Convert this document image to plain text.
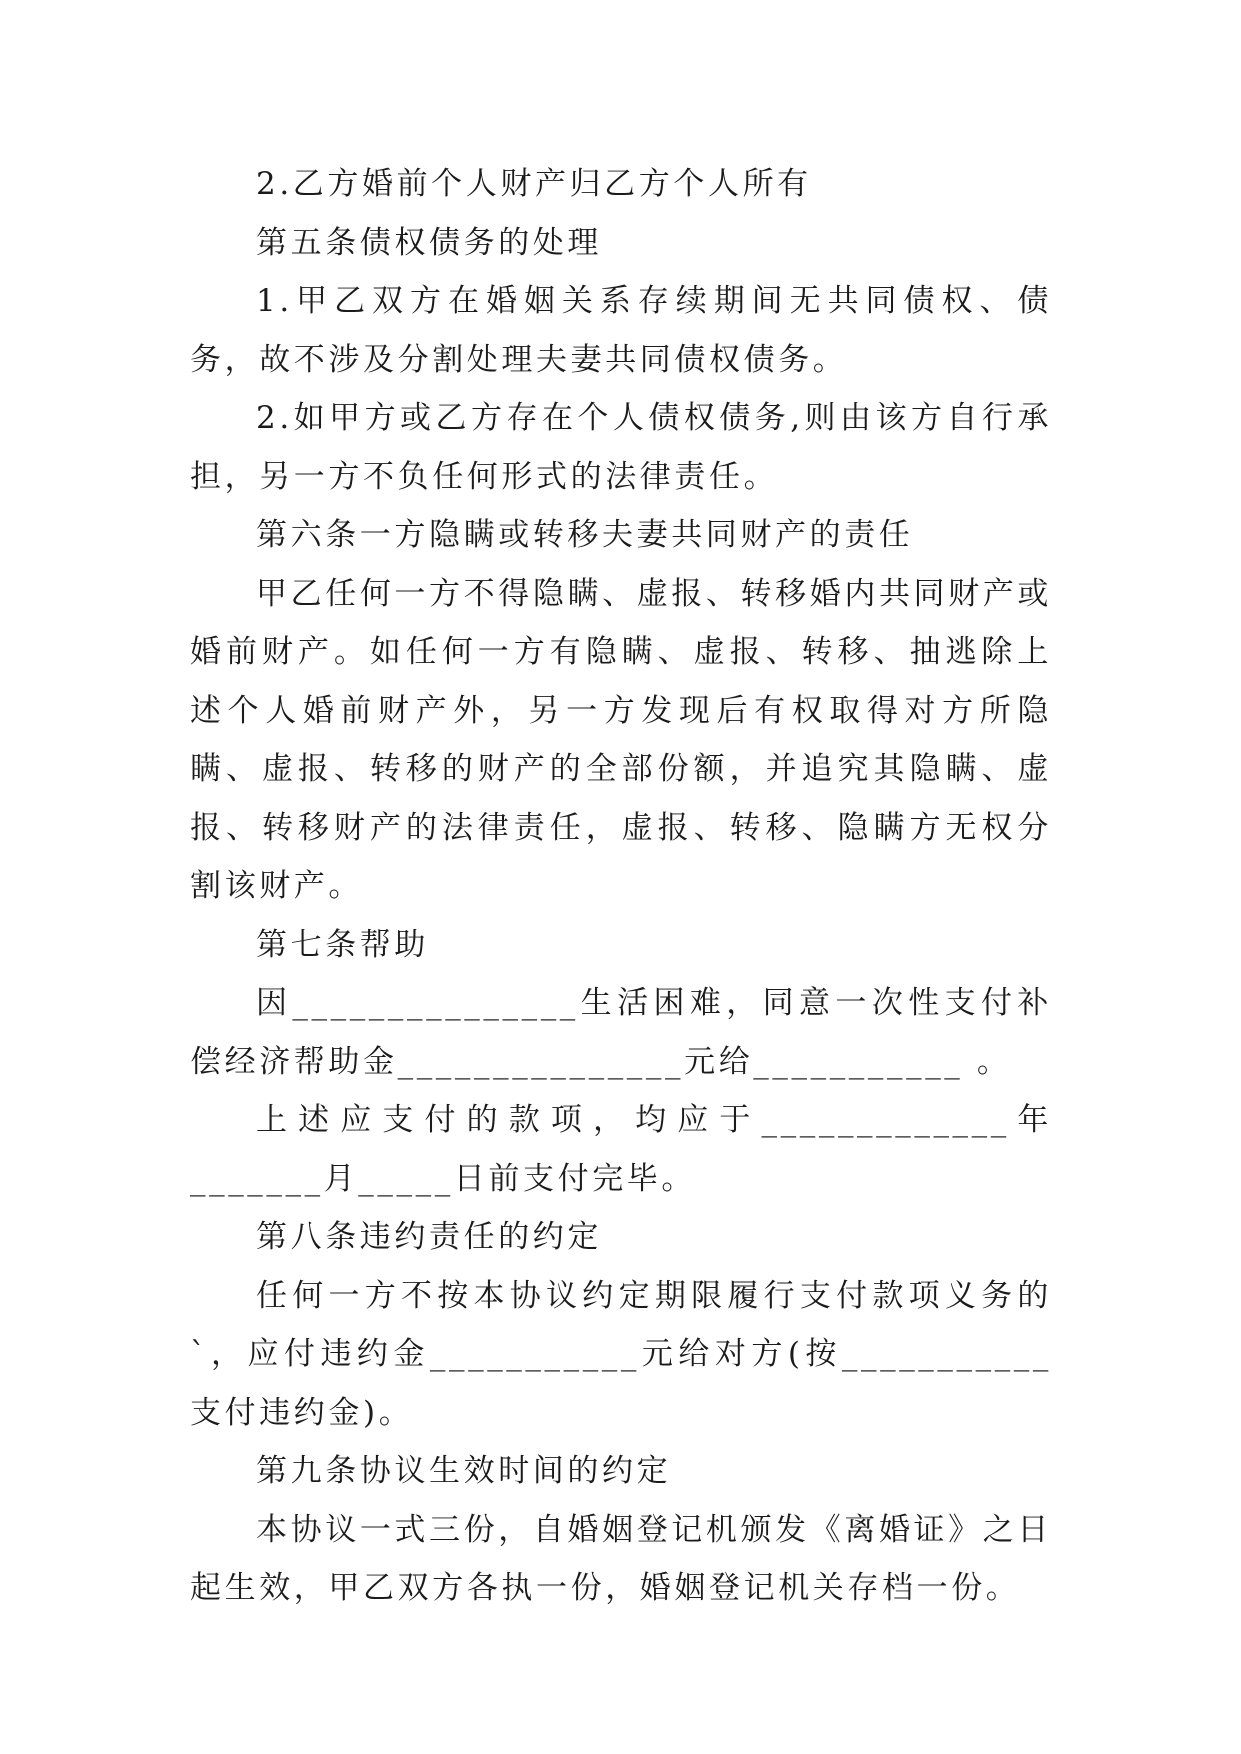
2.乙方婚前个人财产归乙方个人所有

第五条债权债务的处理

1.甲乙双方在婚姻关系存续期间无共同债权、债务，故不涉及分割处理夫妻共同债权债务。

2.如甲方或乙方存在个人债权债务,则由该方自行承担，另一方不负任何形式的法律责任。

第六条一方隐瞒或转移夫妻共同财产的责任

甲乙任何一方不得隐瞒、虚报、转移婚内共同财产或婚前财产。如任何一方有隐瞒、虚报、转移、抽逃除上述个人婚前财产外，另一方发现后有权取得对方所隐瞒、虚报、转移的财产的全部份额，并追究其隐瞒、虚报、转移财产的法律责任，虚报、转移、隐瞒方无权分割该财产。

第七条帮助

因_______________生活困难，同意一次性支付补偿经济帮助金_______________元给___________ 。

上述应支付的款项，均应于_____________年_______月_____日前支付完毕。

第八条违约责任的约定

任何一方不按本协议约定期限履行支付款项义务的`，应付违约金___________元给对方(按___________支付违约金)。

第九条协议生效时间的约定

本协议一式三份，自婚姻登记机颁发《离婚证》之日起生效，甲乙双方各执一份，婚姻登记机关存档一份。
